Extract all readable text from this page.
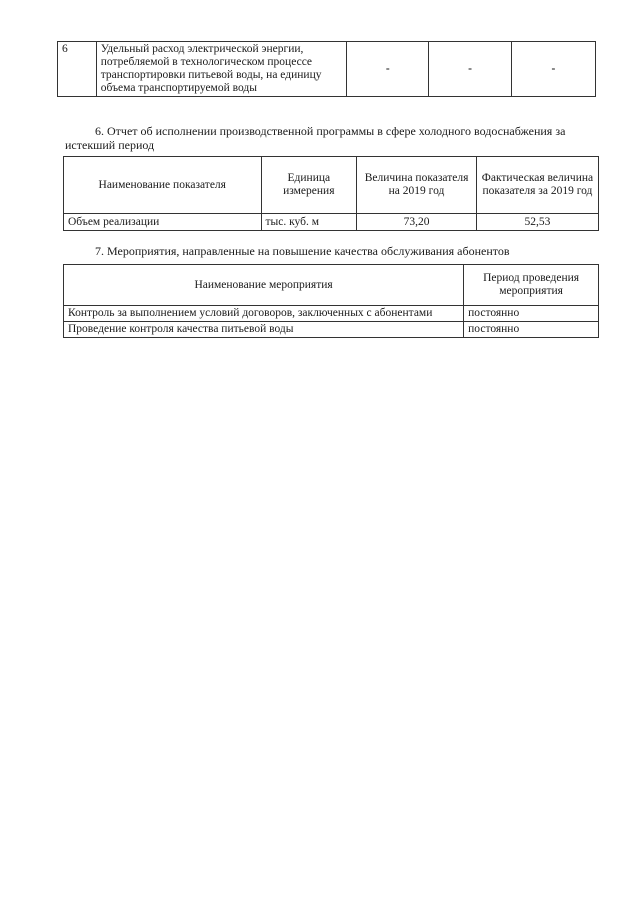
6	Удельный расход электрической энергии, потребляемой в технологическом процессе транспортировки питьевой воды, на единицу объема транспортируемой воды	-	-	-
6. Отчет об исполнении производственной программы в сфере холодного водоснабжения за истекший период
Наименование показателя	Единица измерения	Величина показателя на 2019 год	Фактическая величина показателя за 2019 год
Объем реализации	тыс. куб. м	73,20	52,53
7. Мероприятия, направленные на повышение качества обслуживания абонентов
Наименование мероприятия	Период проведения мероприятия
Контроль за выполнением условий договоров, заключенных с абонентами	постоянно
Проведение контроля качества питьевой воды	постоянно
